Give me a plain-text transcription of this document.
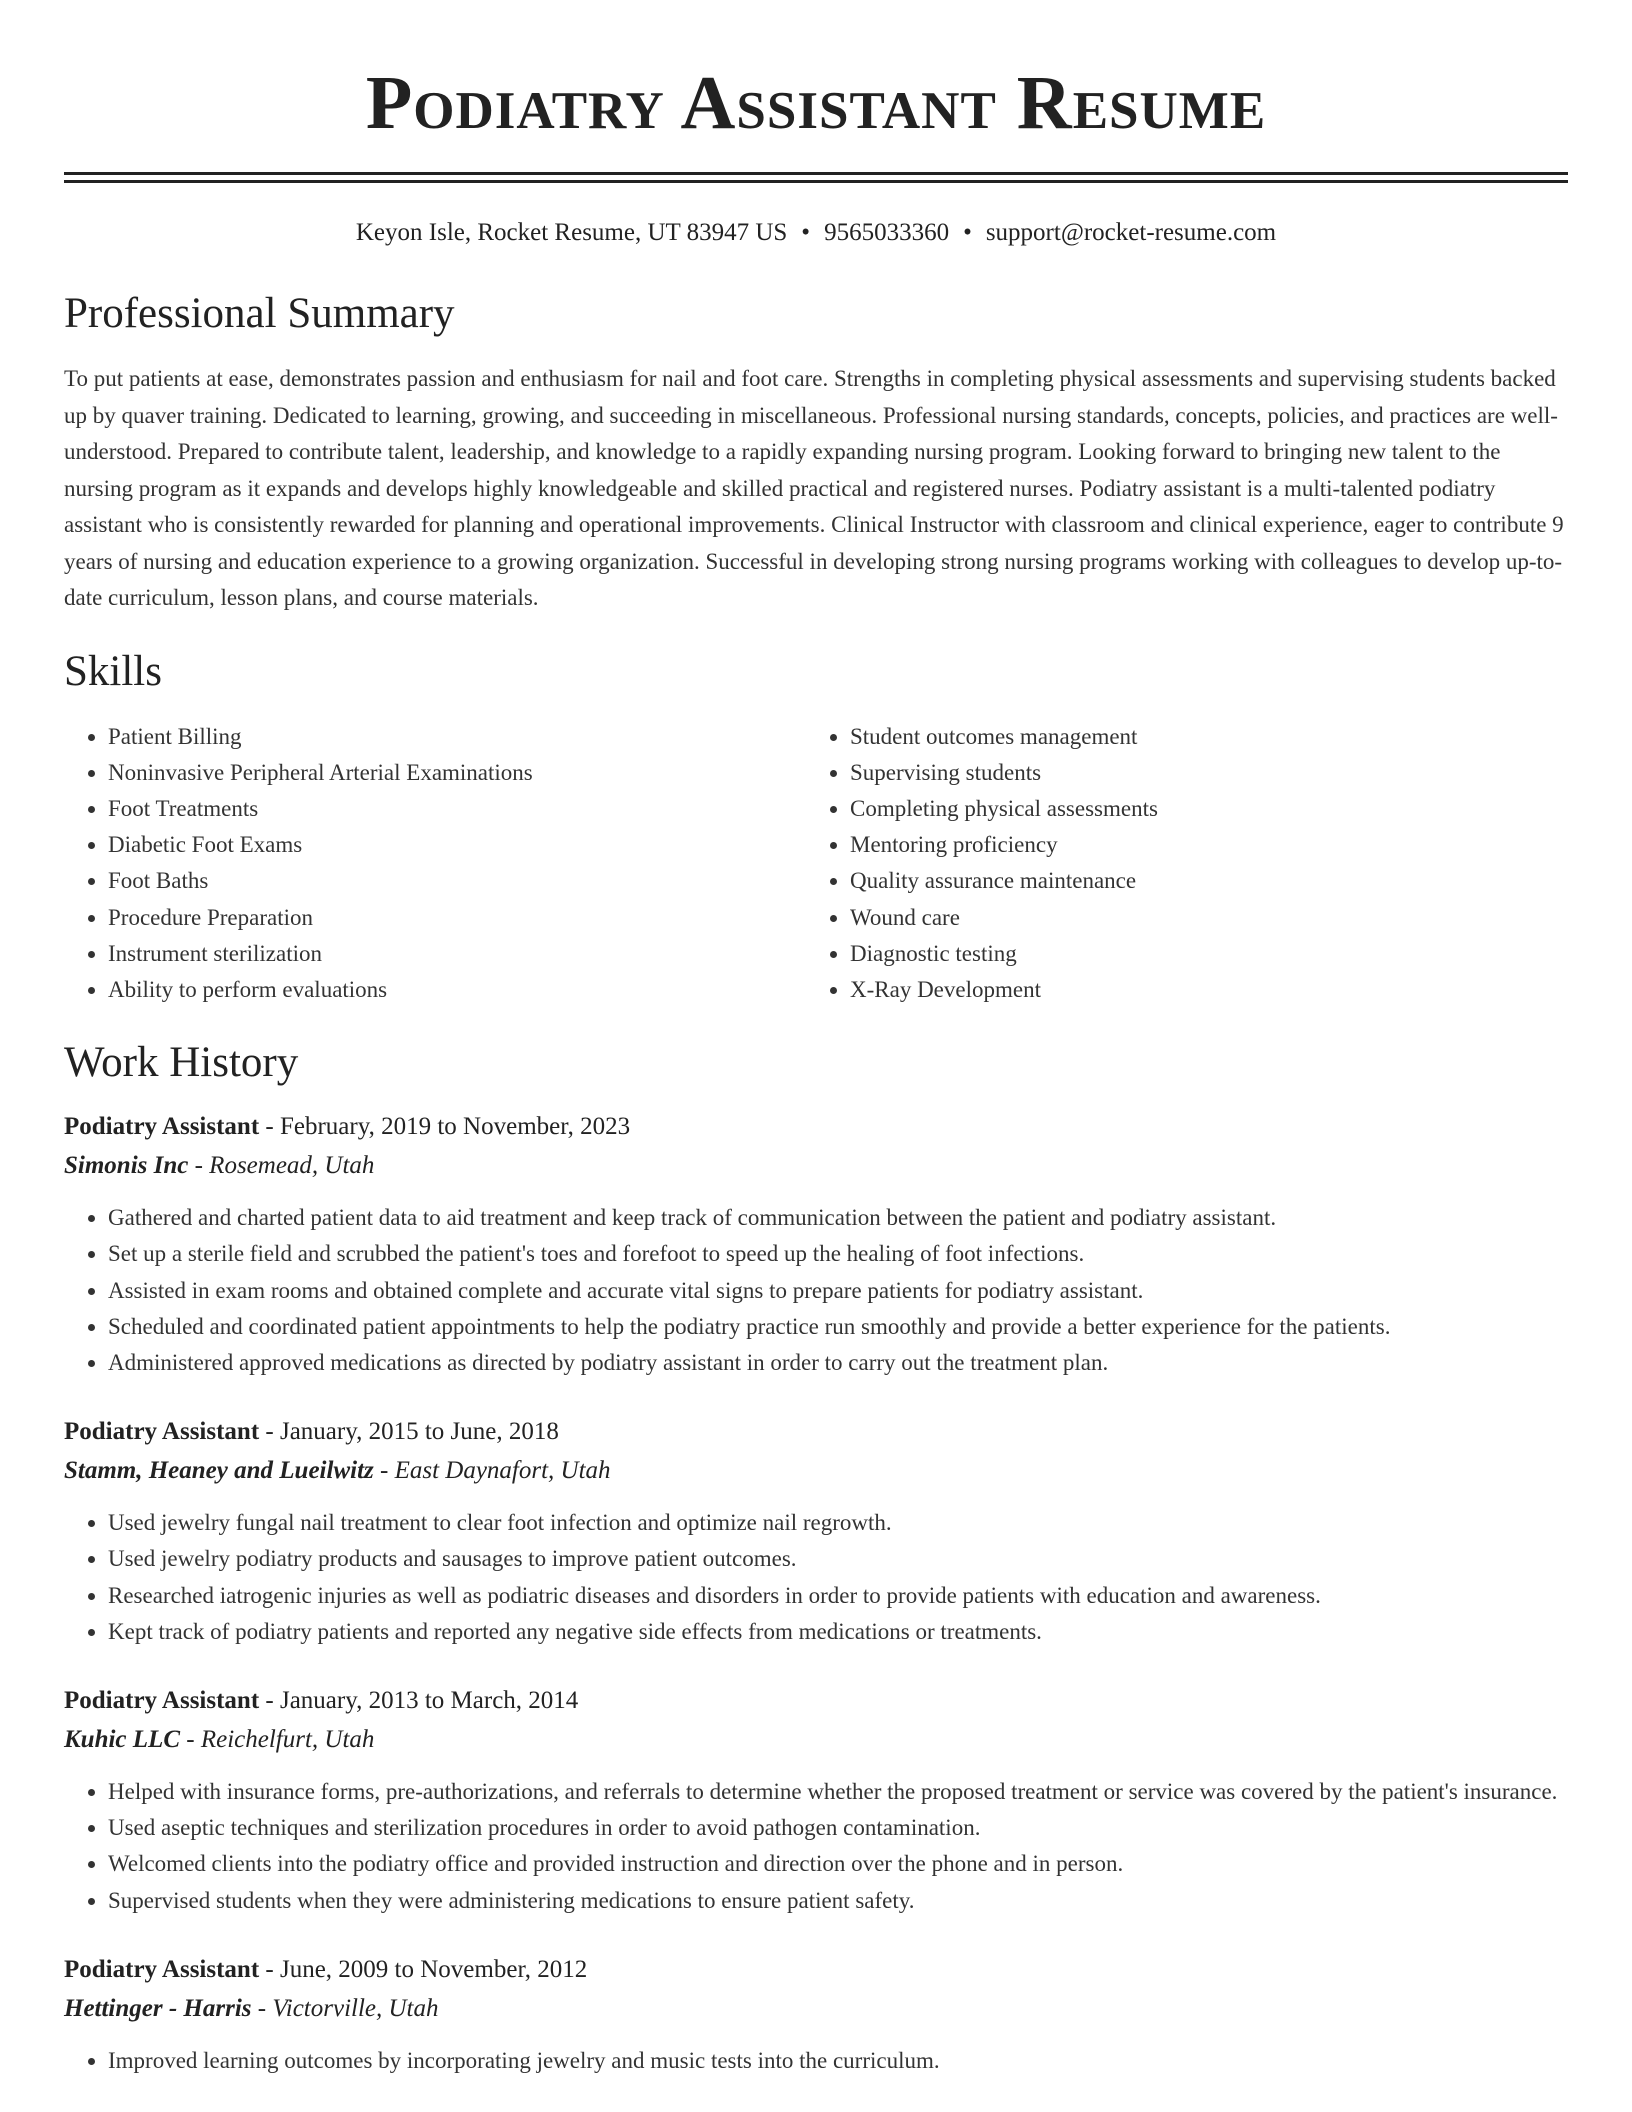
Podiatry Assistant Resume
Keyon Isle, Rocket Resume, UT 83947 US • 9565033360 • support@rocket-resume.com
Professional Summary

To put patients at ease, demonstrates passion and enthusiasm for nail and foot care. Strengths in completing physical assessments and supervising students backed up by quaver training. Dedicated to learning, growing, and succeeding in miscellaneous. Professional nursing standards, concepts, policies, and practices are well-understood. Prepared to contribute talent, leadership, and knowledge to a rapidly expanding nursing program. Looking forward to bringing new talent to the nursing program as it expands and develops highly knowledgeable and skilled practical and registered nurses. Podiatry assistant is a multi-talented podiatry assistant who is consistently rewarded for planning and operational improvements. Clinical Instructor with classroom and clinical experience, eager to contribute 9 years of nursing and education experience to a growing organization. Successful in developing strong nursing programs working with colleagues to develop up-to-date curriculum, lesson plans, and course materials.

Skills
• Patient Billing
• Noninvasive Peripheral Arterial Examinations
• Foot Treatments
• Diabetic Foot Exams
• Foot Baths
• Procedure Preparation
• Instrument sterilization
• Ability to perform evaluations
• Student outcomes management
• Supervising students
• Completing physical assessments
• Mentoring proficiency
• Quality assurance maintenance
• Wound care
• Diagnostic testing
• X-Ray Development
Work History
Podiatry Assistant - February, 2019 to November, 2023
Simonis Inc - Rosemead, Utah
• Gathered and charted patient data to aid treatment and keep track of communication between the patient and podiatry assistant.
• Set up a sterile field and scrubbed the patient's toes and forefoot to speed up the healing of foot infections.
• Assisted in exam rooms and obtained complete and accurate vital signs to prepare patients for podiatry assistant.
• Scheduled and coordinated patient appointments to help the podiatry practice run smoothly and provide a better experience for the patients.
• Administered approved medications as directed by podiatry assistant in order to carry out the treatment plan.
Podiatry Assistant - January, 2015 to June, 2018
Stamm, Heaney and Lueilwitz - East Daynafort, Utah
• Used jewelry fungal nail treatment to clear foot infection and optimize nail regrowth.
• Used jewelry podiatry products and sausages to improve patient outcomes.
• Researched iatrogenic injuries as well as podiatric diseases and disorders in order to provide patients with education and awareness.
• Kept track of podiatry patients and reported any negative side effects from medications or treatments.
Podiatry Assistant - January, 2013 to March, 2014
Kuhic LLC - Reichelfurt, Utah
• Helped with insurance forms, pre-authorizations, and referrals to determine whether the proposed treatment or service was covered by the patient's insurance.
• Used aseptic techniques and sterilization procedures in order to avoid pathogen contamination.
• Welcomed clients into the podiatry office and provided instruction and direction over the phone and in person.
• Supervised students when they were administering medications to ensure patient safety.
Podiatry Assistant - June, 2009 to November, 2012
Hettinger - Harris - Victorville, Utah
• Improved learning outcomes by incorporating jewelry and music tests into the curriculum.
